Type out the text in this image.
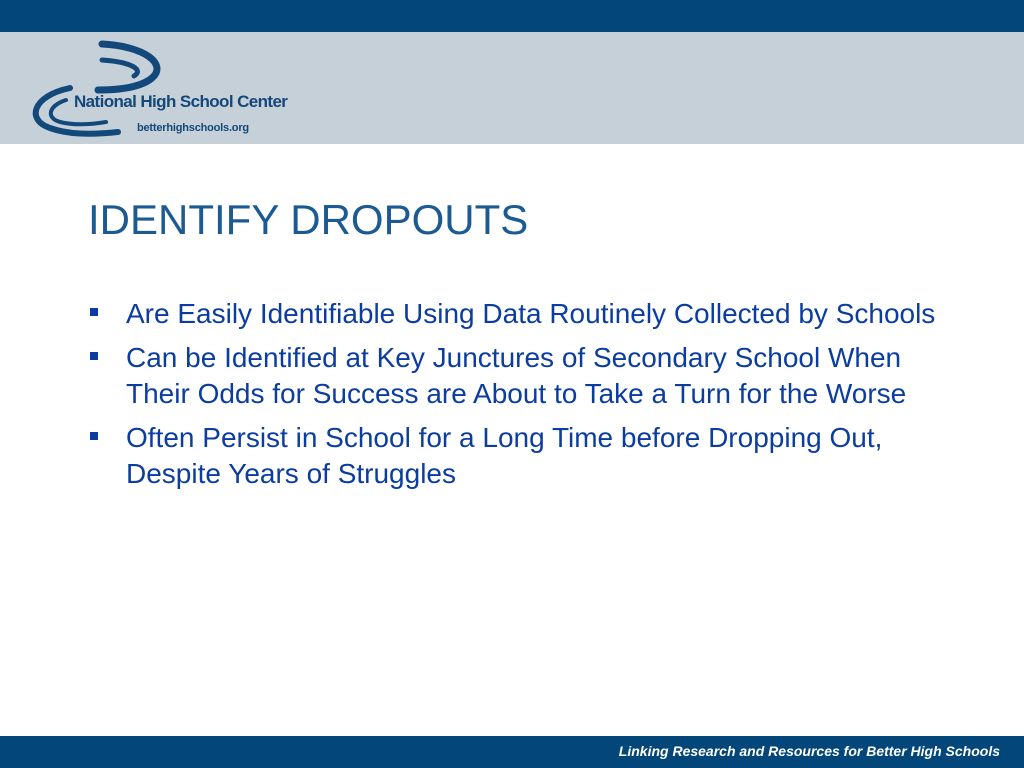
National High School Center
betterhighschools.org
IDENTIFY DROPOUTS
Are Easily Identifiable Using Data Routinely Collected by Schools
Can be Identified at Key Junctures of Secondary School When Their Odds for Success are About to Take a Turn for the Worse
Often Persist in School for a Long Time before Dropping Out, Despite Years of Struggles
Linking Research and Resources for Better High Schools
